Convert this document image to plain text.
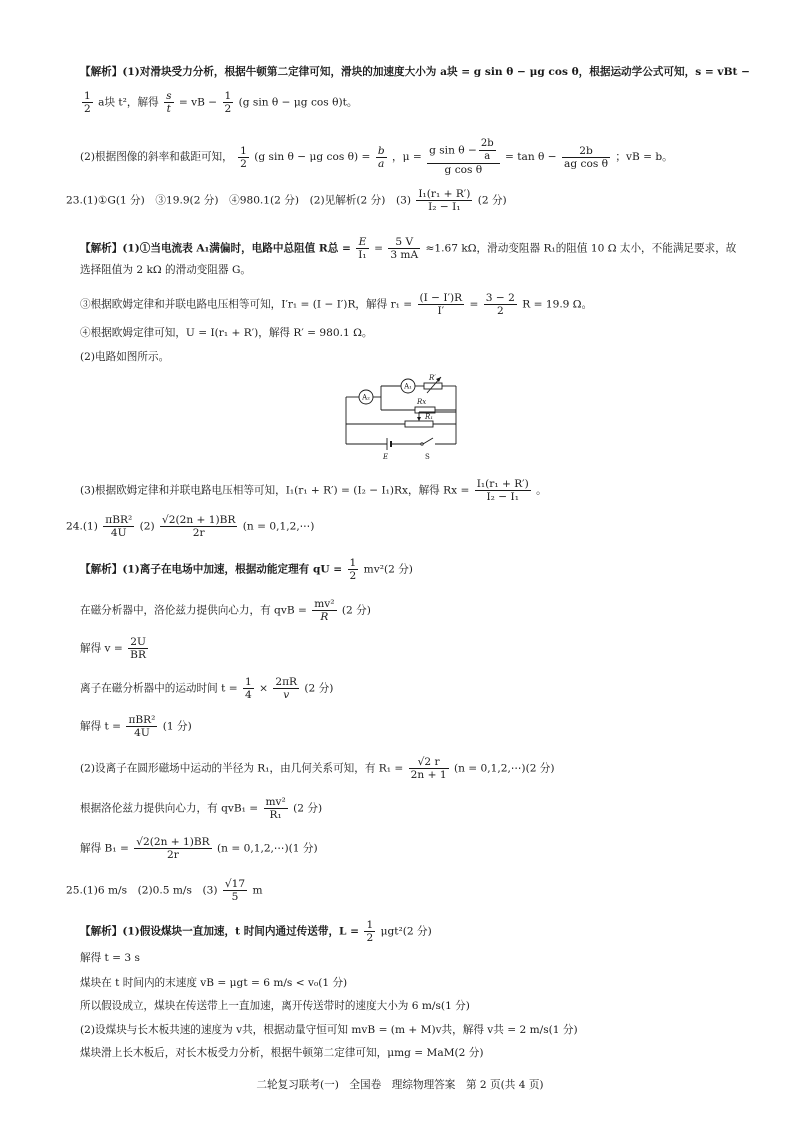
【解析】(1)对滑块受力分析，根据牛顿第二定律可知，滑块的加速度大小为 a块 = g sin θ − μg cos θ，根据运动学公式可知，s = vBt −
$\frac{1}{2}$ a块 t²，解得 $\frac{s}{t}$ = vB − $\frac{1}{2} (g$ sin θ − μg cos θ)t。
(2)根据图像的斜率和截距可知， $\frac{1}{2} (g$ sin θ − μg $\cos \theta) = \frac{b}{a}$ ，$\mu = \frac{g \sin \theta - \frac{2b}{a}}{\text{g cos θ}} = \tan \theta - \frac{2b}{\text{ag cos θ}}$ ；vB = b。
23.(1)①G(1 分)　③19.9(2 分)　④980.1(2 分)　(2)见解析(2 分)　$(3) \frac{\text{I₁(r₁ + R′)}}{\text{I₂ − I₁}} (2$ 分)
【解析】(1)①当电流表 A₁满偏时，电路中总阻值 R总 = $\frac{E}{\text{I₁}} = \frac{5 V}{3 mA} \approx 1.67$ kΩ，滑动变阻器 R₁的阻值 10 Ω 太小，不能满足要求，故
选择阻值为 2 kΩ 的滑动变阻器 G。
③根据欧姆定律和并联电路电压相等可知，I′r₁ = (I − I′)R，解得 $r_1 = \frac{(I - I')R}{I'} = \frac{3 - 2}{2}$ R = 19.9 Ω。
④根据欧姆定律可知，U = I(r₁ + R′)，解得 R′ = 980.1 Ω。
(2)电路如图所示。
A₂
A₁
R′
Rx
R₁
E	S
(3)根据欧姆定律和并联电路电压相等可知，I₁(r₁ + R′) = (I₂ − I₁)Rx，解得 $Rx = \frac{\text{I₁(r₁ + R′)}}{\text{I₂ − I₁}}$ 。
$24.(1) \frac{\text{πBR²}}{4U} (2) \frac{√2(2n + 1)BR}{2r} (n$ = 0,1,2,⋯)
【解析】(1)离子在电场中加速，根据动能定理有 qU = $\frac{1}{2} mv^2(2$ 分)
在磁分析器中，洛伦兹力提供向心力，有 qvB = $\frac{\text{mv²}}{R} (2$ 分)
解得 $v = \frac{2U}{BR}$
离子在磁分析器中的运动时间 $t = \frac{1}{4} \times \frac{2\pi R}{v} (2$ 分)
解得 $t = \frac{\text{πBR²}}{4U} (1$ 分)
(2)设离子在圆形磁场中运动的半径为 R₁，由几何关系可知，有 $R_1 = \frac{√2 r}{2n + 1} (n$ = 0,1,2,⋯)(2 分)
根据洛伦兹力提供向心力，有 $qvB_1 = \frac{\text{mv²}}{\text{R₁}} (2$ 分)
解得 $B_1 = \frac{√2(2n + 1)BR}{2r} (n$ = 0,1,2,⋯)(1 分)
25.(1)6 m/s　(2)0.5 m/s　$(3) \frac{√17}{5}$ m
【解析】(1)假设煤块一直加速，t 时间内通过传送带，$L = \frac{1}{2} \mu gt^2(2$ 分)
解得 t = 3 s
煤块在 t 时间内的末速度 vB = μgt = 6 m/s < v₀(1 分)
所以假设成立，煤块在传送带上一直加速，离开传送带时的速度大小为 6 m/s(1 分)
(2)设煤块与长木板共速的速度为 v共，根据动量守恒可知 mvB = (m + M)v共，解得 v共 = 2 m/s(1 分)
煤块滑上长木板后，对长木板受力分析，根据牛顿第二定律可知，μmg = MaM(2 分)
二轮复习联考(一)　全国卷　理综物理答案　第 2 页(共 4 页)
